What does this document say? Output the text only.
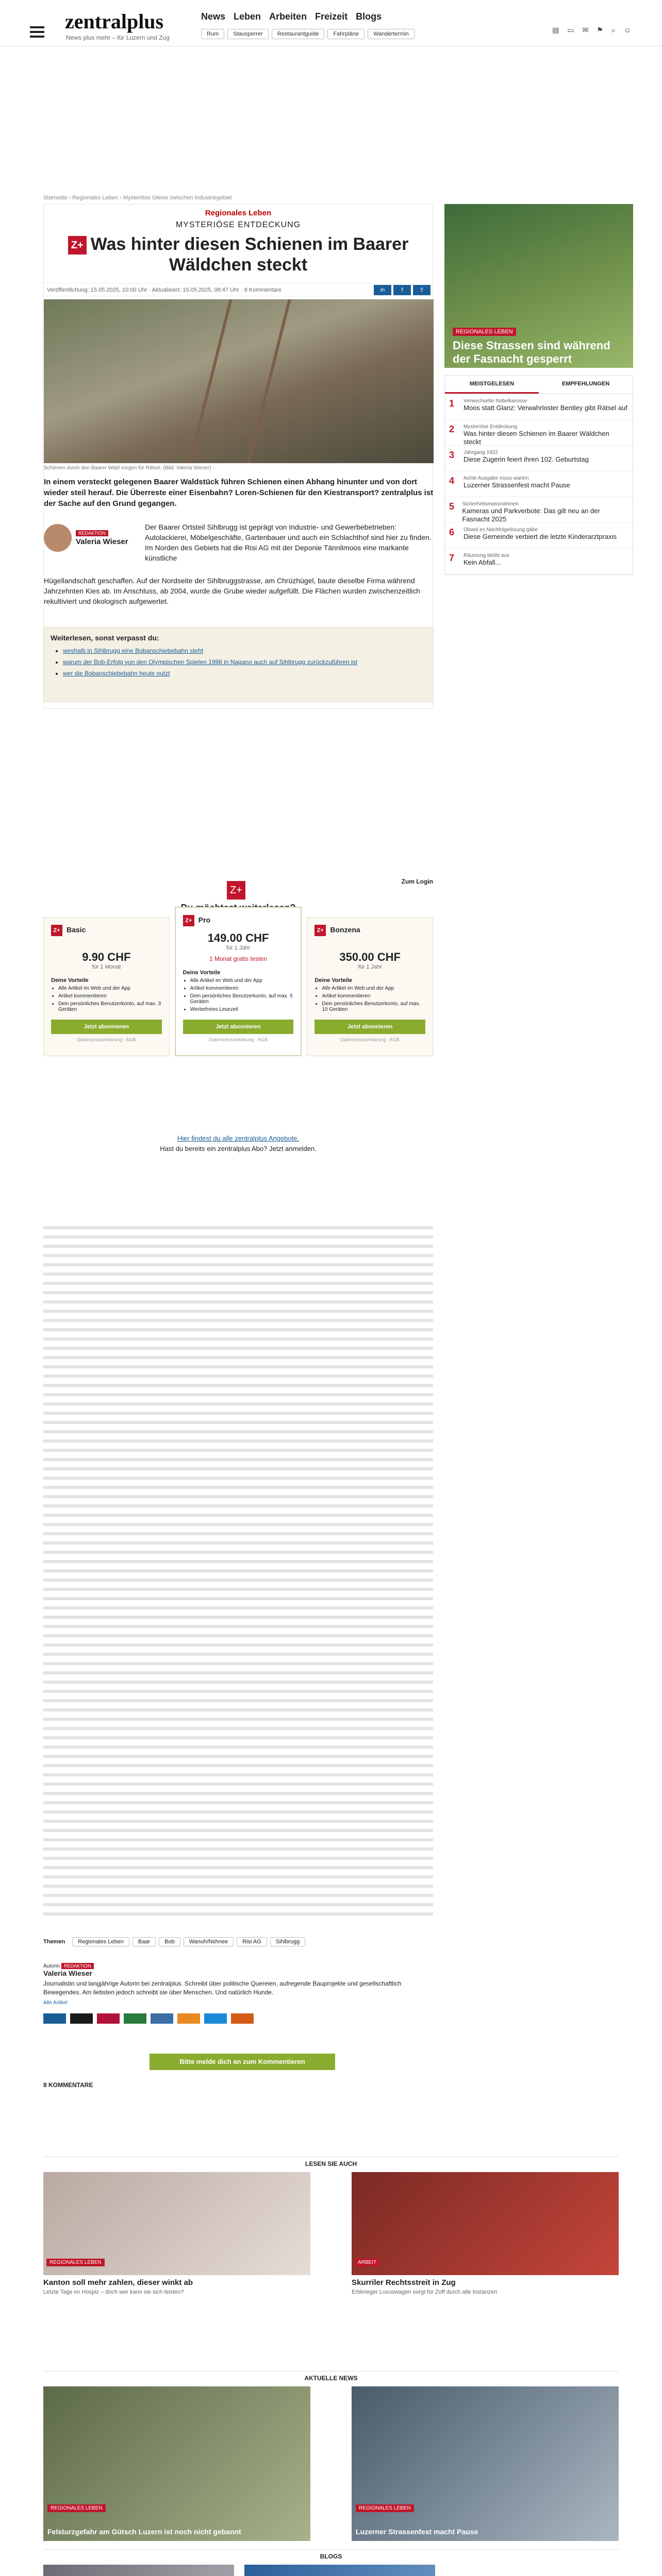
zentralplus
News plus mehr – für Luzern und Zug
News Leben Arbeiten Freizeit Blogs
Rum	Stausperrer	Restaurantguide	Fahrpläne	Wandertermin	▤ ▭ ✉ ⚑ ⌕ ☺
Startseite › Regionales Leben › Mysteriöse Gleise zwischen Industriegebiet
Regionales Leben
MYSTERIÖSE ENTDECKUNG
Z+ Was hinter diesen Schienen im Baarer Wäldchen steckt
Veröffentlichung: 15.05.2025, 10:00 Uhr · Aktualisiert: 15.05.2025, 08:47 Uhr · 8 Kommentare	in	f	⇪
Schienen durch den Baarer Wald sorgen für Rätsel. (Bild: Valeria Wieser)
In einem versteckt gelegenen Baarer Waldstück führen Schienen einen Abhang hinunter und von dort wieder steil herauf. Die Überreste einer Eisenbahn? Loren-Schienen für den Kiestransport? zentralplus ist der Sache auf den Grund gegangen.
REDAKTION
Valeria Wieser
Der Baarer Ortsteil Sihlbrugg ist geprägt von Industrie- und Gewerbebetrieben: Autolackierei, Möbelgeschäfte, Gartenbauer und auch ein Schlachthof sind hier zu finden. Im Norden des Gebiets hat die Risi AG mit der Deponie Tännlimoos eine markante künstliche
Hügellandschaft geschaffen. Auf der Nordseite der Sihlbruggstrasse, am Chrüzhügel, baute dieselbe Firma während Jahrzehnten Kies ab. Im Anschluss, ab 2004, wurde die Grube wieder aufgefüllt. Die Flächen wurden zwischenzeitlich rekultiviert und ökologisch aufgewertet.
Weiterlesen, sonst verpasst du:
• weshalb in Sihlbrugg eine Bobanschiebebahn steht
• warum der Bob-Erfolg von den Olympischen Spielen 1998 in Nagano auch auf Sihlbrugg zurückzuführen ist
• wer die Bobanschiebebahn heute nutzt
REGIONALES LEBEN
Diese Strassen sind während der Fasnacht gesperrt
MEISTGELESEN	EMPFEHLUNGEN
1	Verwechselte Nobelkarosse

Moos statt Glanz: Verwahrloster Bentley gibt Rätsel auf

2	Mysteriöse Entdeckung

Was hinter diesen Schienen im Baarer Wäldchen steckt

3	Jahrgang 1922

Diese Zugerin feiert ihren 102. Geburtstag

4	Achte Ausgabe muss warten

Luzerner Strassenfest macht Pause

5	Sicherheitsmassnahmen

Kameras und Parkverbote: Das gilt neu an der Fasnacht 2025

6	Obwol es Nachfolgelösung gäbe

Diese Gemeinde verbiert die letzte Kinderarztpraxis

7	Räumung bleibt aus

Kein Abfall...

Zum Login
Z+
Z+ Basic
9.90 CHF
für 1 Monat
Deine Vorteile
• Alle Artikel im Web und der App
• Artikel kommentieren
• Dein persönliches Benutzerkonto, auf max. 3 Geräten
Jetzt abonnieren
Datenschutzerklärung · AGB
Z+ Pro
149.00 CHF
für 1 Jahr
1 Monat gratis testen
Deine Vorteile
• Alle Artikel im Web und der App
• Artikel kommentieren
• Dein persönliches Benutzerkonto, auf max. 5 Geräten
• Werbefreies Lesezeil
Jetzt abonnieren
Datenschutzerklärung · AGB
Z+ Bonzena
350.00 CHF
für 1 Jahr
Deine Vorteile
• Alle Artikel im Web und der App
• Artikel kommentieren
• Dein persönliches Benutzerkonto, auf max. 10 Geräten
Jetzt abonnieren
Datenschutzerklärung · AGB
Hier findest du alle zentralplus Angebote.
Hast du bereits ein zentralplus Abo? Jetzt anmelden.
Themen	Regionales Leben	Baar	Bob	Wanuh/Nshnee	Risi AG	Sihlbrugg
Autorin REDAKTION
Valeria Wieser
Journalistin und langjährige Autorin bei zentralplus. Schreibt über politische Quereien, aufregende Bauprojekte und gesellschaftlich Bewegendes. Am liebsten jedoch schreibt sie über Menschen. Und natürlich Hunde.
Alle Artikel
Bitte melde dich an zum Kommentieren
8 KOMMENTARE
LESEN SIE AUCH
REGIONALES LEBEN
Kanton soll mehr zahlen, dieser winkt ab
Letzte Tage im Hospiz – doch wer kann sie sich leisten?
ARBEIT
Skurriler Rechtsstreit in Zug
Erbkrieger Luxuswagen sorgt für Zoff durch alle Instanzen
AKTUELLE NEWS
REGIONALES LEBEN
Felsturzgefahr am Gütsch Luzern ist noch nicht gebannt
REGIONALES LEBEN
Luzerner Strassenfest macht Pause
BLOGS
